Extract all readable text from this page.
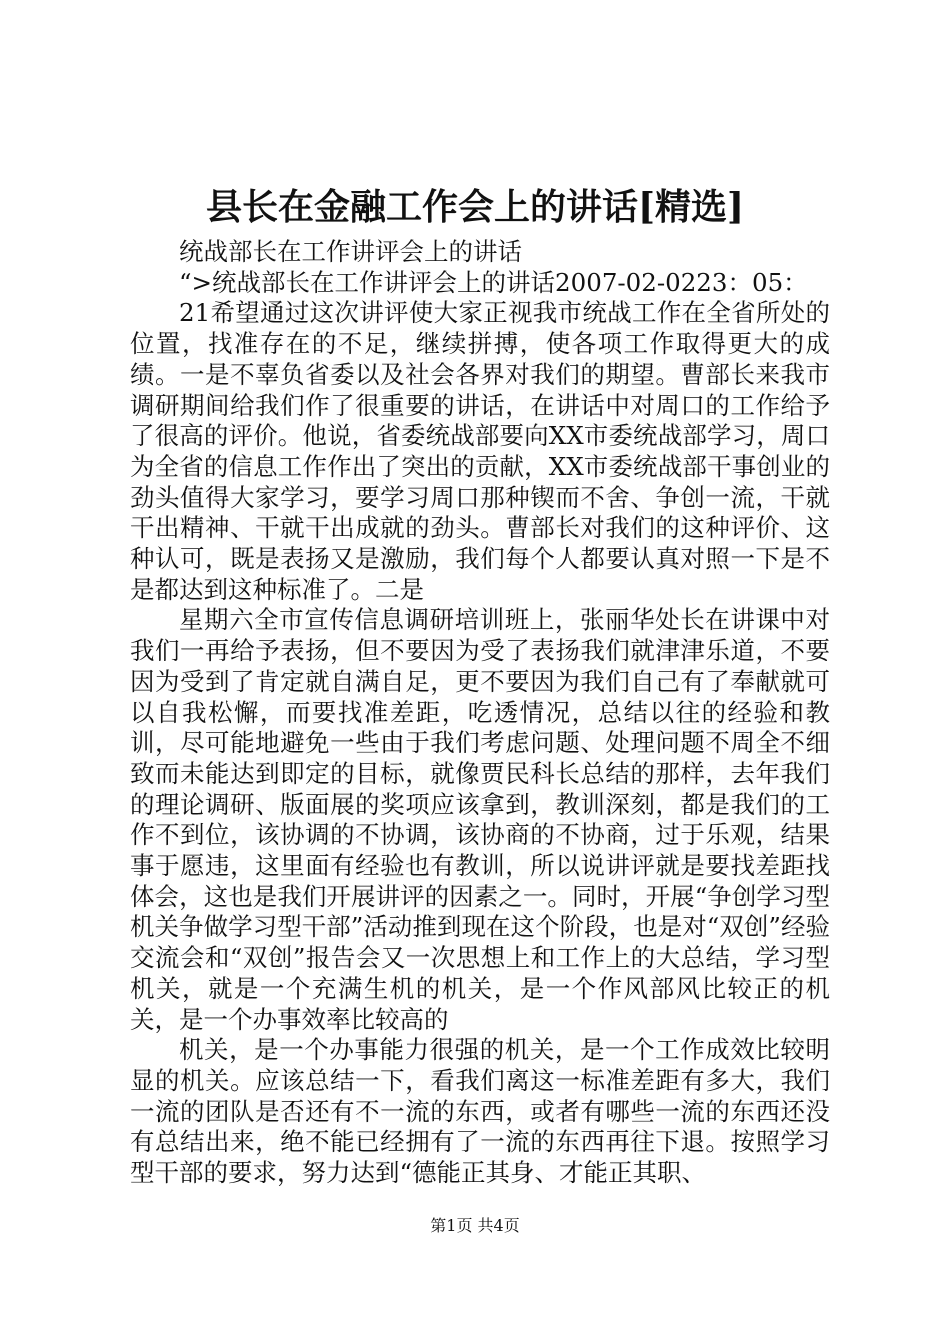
县长在金融工作会上的讲话[精选]

统战部长在工作讲评会上的讲话

“>统战部长在工作讲评会上的讲话2007-02-0223：05：

21希望通过这次讲评使大家正视我市统战工作在全省所处的位置，找准存在的不足，继续拼搏，使各项工作取得更大的成绩。一是不辜负省委以及社会各界对我们的期望。曹部长来我市调研期间给我们作了很重要的讲话，在讲话中对周口的工作给予了很高的评价。他说，省委统战部要向XX市委统战部学习，周口为全省的信息工作作出了突出的贡献，XX市委统战部干事创业的劲头值得大家学习，要学习周口那种锲而不舍、争创一流，干就干出精神、干就干出成就的劲头。曹部长对我们的这种评价、这种认可，既是表扬又是激励，我们每个人都要认真对照一下是不是都达到这种标准了。二是

星期六全市宣传信息调研培训班上，张丽华处长在讲课中对我们一再给予表扬，但不要因为受了表扬我们就津津乐道，不要因为受到了肯定就自满自足，更不要因为我们自己有了奉献就可以自我松懈，而要找准差距，吃透情况，总结以往的经验和教训，尽可能地避免一些由于我们考虑问题、处理问题不周全不细致而未能达到即定的目标，就像贾民科长总结的那样，去年我们的理论调研、版面展的奖项应该拿到，教训深刻，都是我们的工作不到位，该协调的不协调，该协商的不协商，过于乐观，结果事于愿违，这里面有经验也有教训，所以说讲评就是要找差距找体会，这也是我们开展讲评的因素之一。同时，开展“争创学习型机关争做学习型干部”活动推到现在这个阶段，也是对“双创”经验交流会和“双创”报告会又一次思想上和工作上的大总结，学习型机关，就是一个充满生机的机关，是一个作风部风比较正的机关，是一个办事效率比较高的

机关，是一个办事能力很强的机关，是一个工作成效比较明显的机关。应该总结一下，看我们离这一标准差距有多大，我们一流的团队是否还有不一流的东西，或者有哪些一流的东西还没有总结出来，绝不能已经拥有了一流的东西再往下退。按照学习型干部的要求，努力达到“德能正其身、才能正其职、

第1页 共4页
